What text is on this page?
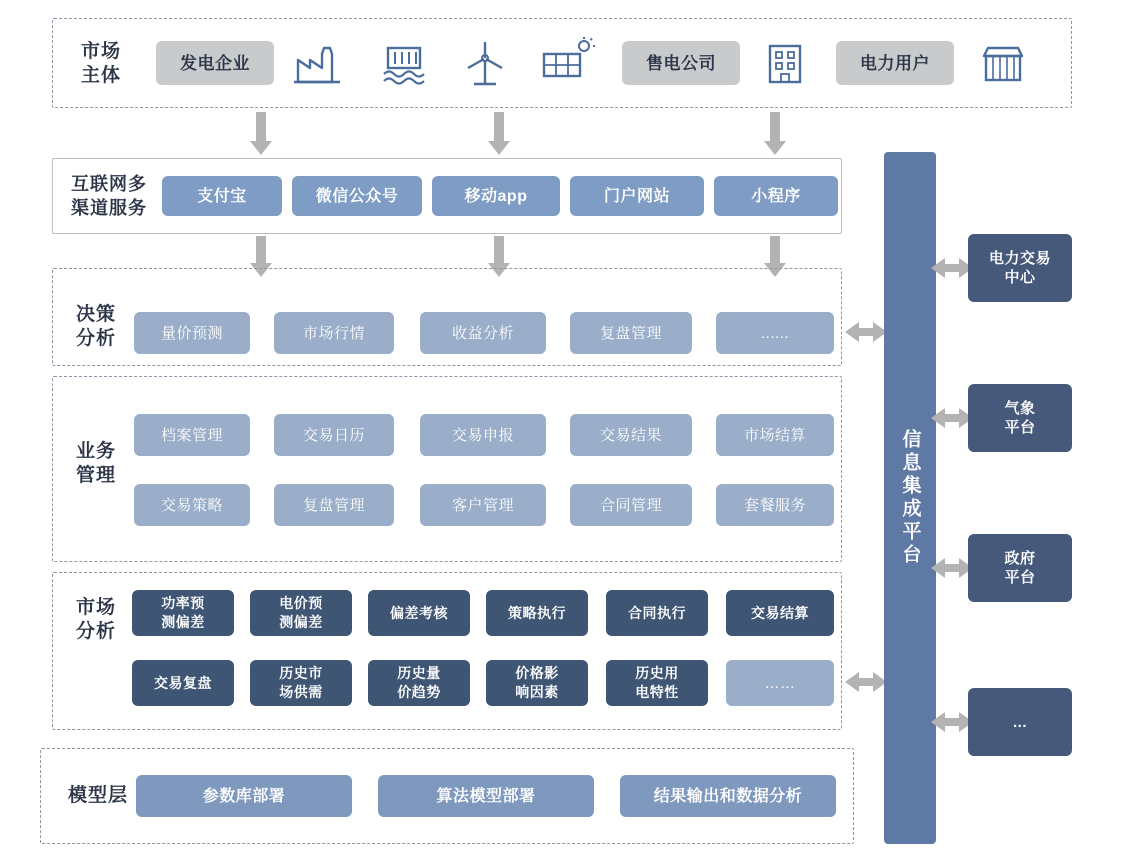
市场
主体
发电企业	售电公司	电力用户
互联网多
渠道服务
支付宝	微信公众号	移动app	门户网站	小程序
决策
分析	量价预测	市场行情	收益分析	复盘管理	......
业务
管理
档案管理	交易日历	交易申报	交易结果	市场结算
交易策略	复盘管理	客户管理	合同管理	套餐服务
市场
分析
功率预
测偏差
电价预
测偏差
偏差考核	策略执行	合同执行	交易结算
交易复盘
历史市
场供需
历史量
价趋势
价格影
响因素
历史用
电特性
……
模型层	参数库部署	算法模型部署	结果输出和数据分析
信息集成平台
电力交易
中心
气象
平台
政府
平台
...
